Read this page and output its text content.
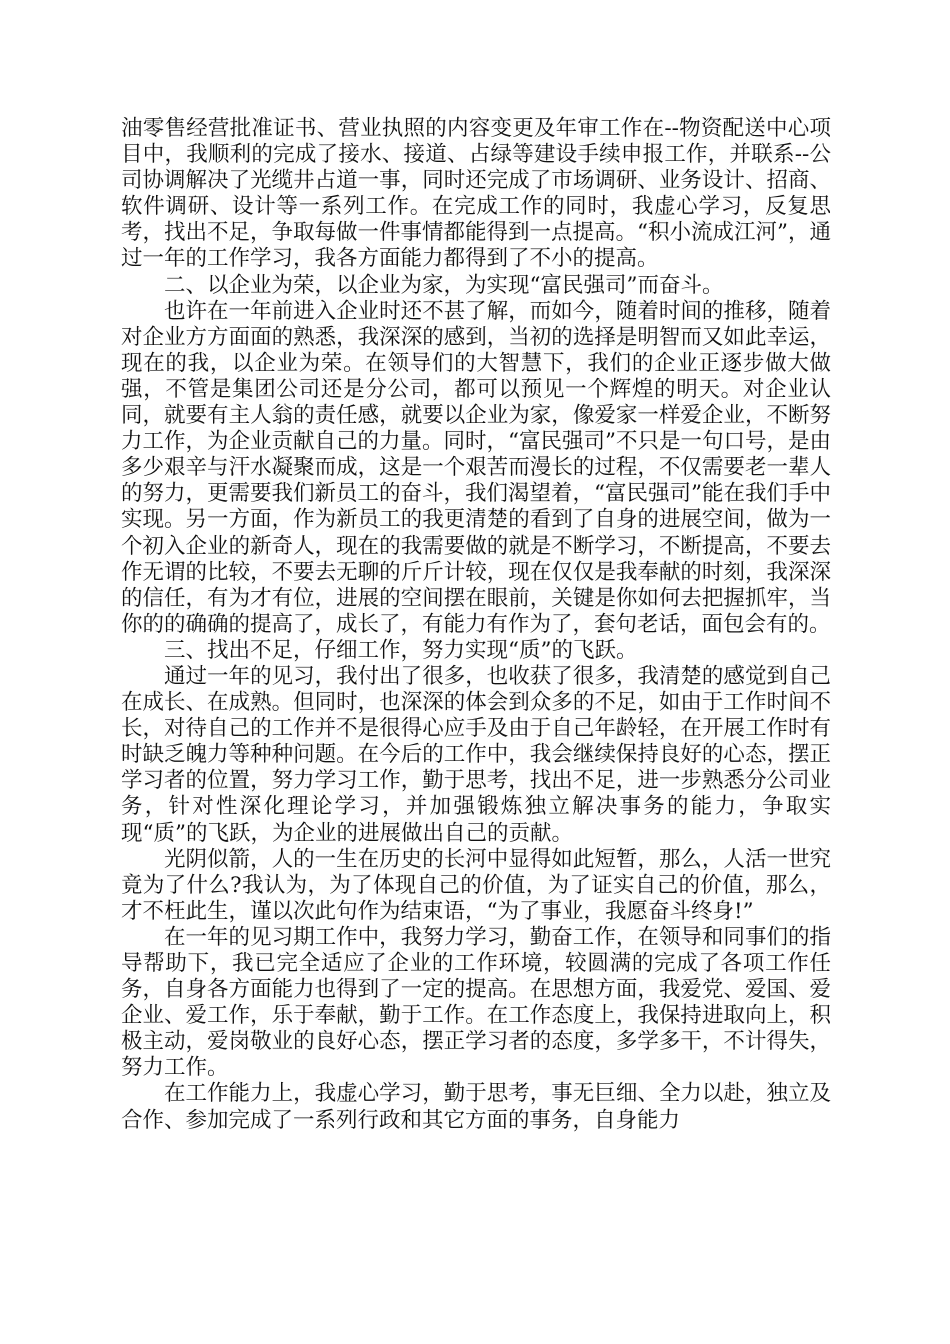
油零售经营批准证书、营业执照的内容变更及年审工作在--物资配送中心项目中，我顺利的完成了接水、接道、占绿等建设手续申报工作，并联系--公司协调解决了光缆井占道一事，同时还完成了市场调研、业务设计、招商、软件调研、设计等一系列工作。在完成工作的同时，我虚心学习，反复思考，找出不足，争取每做一件事情都能得到一点提高。“积小流成江河”，通过一年的工作学习，我各方面能力都得到了不小的提高。

二、以企业为荣，以企业为家，为实现“富民强司”而奋斗。

也许在一年前进入企业时还不甚了解，而如今，随着时间的推移，随着对企业方方面面的熟悉，我深深的感到，当初的选择是明智而又如此幸运，现在的我，以企业为荣。在领导们的大智慧下，我们的企业正逐步做大做强，不管是集团公司还是分公司，都可以预见一个辉煌的明天。对企业认同，就要有主人翁的责任感，就要以企业为家，像爱家一样爱企业，不断努力工作，为企业贡献自己的力量。同时，“富民强司”不只是一句口号，是由多少艰辛与汗水凝聚而成，这是一个艰苦而漫长的过程，不仅需要老一辈人的努力，更需要我们新员工的奋斗，我们渴望着，“富民强司”能在我们手中实现。另一方面，作为新员工的我更清楚的看到了自身的进展空间，做为一个初入企业的新奇人，现在的我需要做的就是不断学习，不断提高，不要去作无谓的比较，不要去无聊的斤斤计较，现在仅仅是我奉献的时刻，我深深的信任，有为才有位，进展的空间摆在眼前，关键是你如何去把握抓牢，当你的的确确的提高了，成长了，有能力有作为了，套句老话，面包会有的。

三、找出不足，仔细工作，努力实现“质”的飞跃。

通过一年的见习，我付出了很多，也收获了很多，我清楚的感觉到自己在成长、在成熟。但同时，也深深的体会到众多的不足，如由于工作时间不长，对待自己的工作并不是很得心应手及由于自己年龄轻，在开展工作时有时缺乏魄力等种种问题。在今后的工作中，我会继续保持良好的心态，摆正学习者的位置，努力学习工作，勤于思考，找出不足，进一步熟悉分公司业务，针对性深化理论学习，并加强锻炼独立解决事务的能力，争取实现“质”的飞跃，为企业的进展做出自己的贡献。

光阴似箭，人的一生在历史的长河中显得如此短暂，那么，人活一世究竟为了什么?我认为，为了体现自己的价值，为了证实自己的价值，那么，才不枉此生，谨以次此句作为结束语，“为了事业，我愿奋斗终身!”

在一年的见习期工作中，我努力学习，勤奋工作，在领导和同事们的指导帮助下，我已完全适应了企业的工作环境，较圆满的完成了各项工作任务，自身各方面能力也得到了一定的提高。在思想方面，我爱党、爱国、爱企业、爱工作，乐于奉献，勤于工作。在工作态度上，我保持进取向上，积极主动，爱岗敬业的良好心态，摆正学习者的态度，多学多干，不计得失，努力工作。

在工作能力上，我虚心学习，勤于思考，事无巨细、全力以赴，独立及合作、参加完成了一系列行政和其它方面的事务，自身能力
